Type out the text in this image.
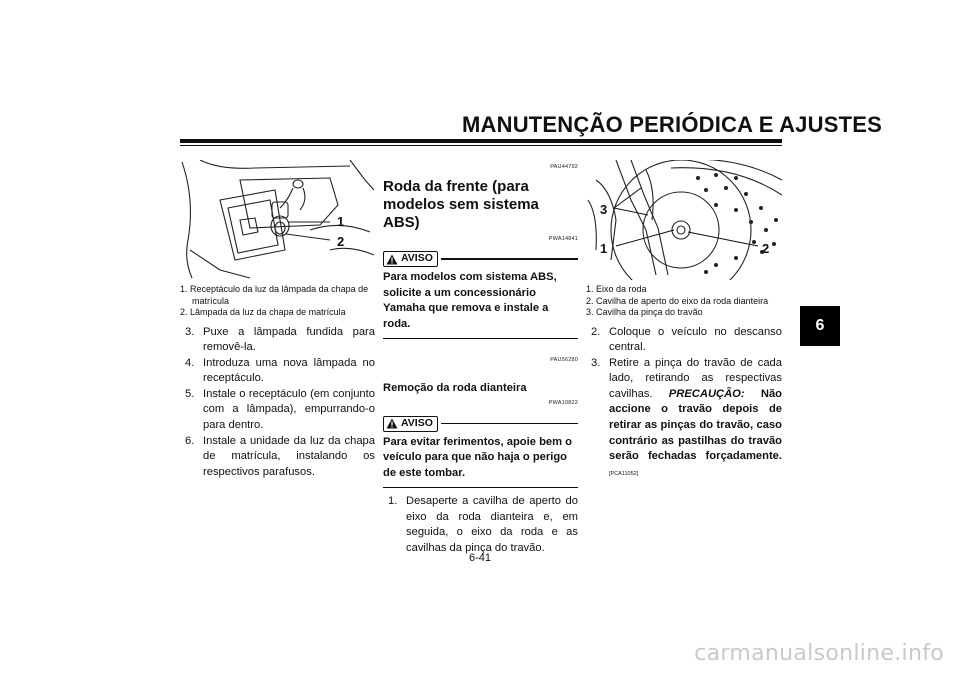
MANUTENÇÃO PERIÓDICA E AJUSTES
6
1
2
1. Receptáculo da luz da lâmpada da chapa de matrícula
2. Lâmpada da luz da chapa de matrícula
3. Puxe a lâmpada fundida para removê-la.
4. Introduza uma nova lâmpada no receptáculo.
5. Instale o receptáculo (em conjunto com a lâmpada), empurrando-o para dentro.
6. Instale a unidade da luz da chapa de matrícula, instalando os respectivos parafusos.
PAU44792
Roda da frente (para modelos sem sistema ABS)
PWA14841
AVISO
Para modelos com sistema ABS, solicite a um concessionário Yamaha que remova e instale a roda.
PAU56280
Remoção da roda dianteira
PWA10822
AVISO
Para evitar ferimentos, apoie bem o veículo para que não haja o perigo de este tombar.
1. Desaperte a cavilha de aperto do eixo da roda dianteira e, em seguida, o eixo da roda e as cavilhas da pinça do travão.
3
1	2
1. Eixo da roda
2. Cavilha de aperto do eixo da roda dianteira
3. Cavilha da pinça do travão
2. Coloque o veículo no descanso central.
3. Retire a pinça do travão de cada lado, retirando as respectivas cavilhas. PRECAUÇÃO: Não accione o travão depois de retirar as pinças do travão, caso contrário as pastilhas do travão serão fechadas forçadamente. [PCA11052]
6-41
carmanualsonline.info
